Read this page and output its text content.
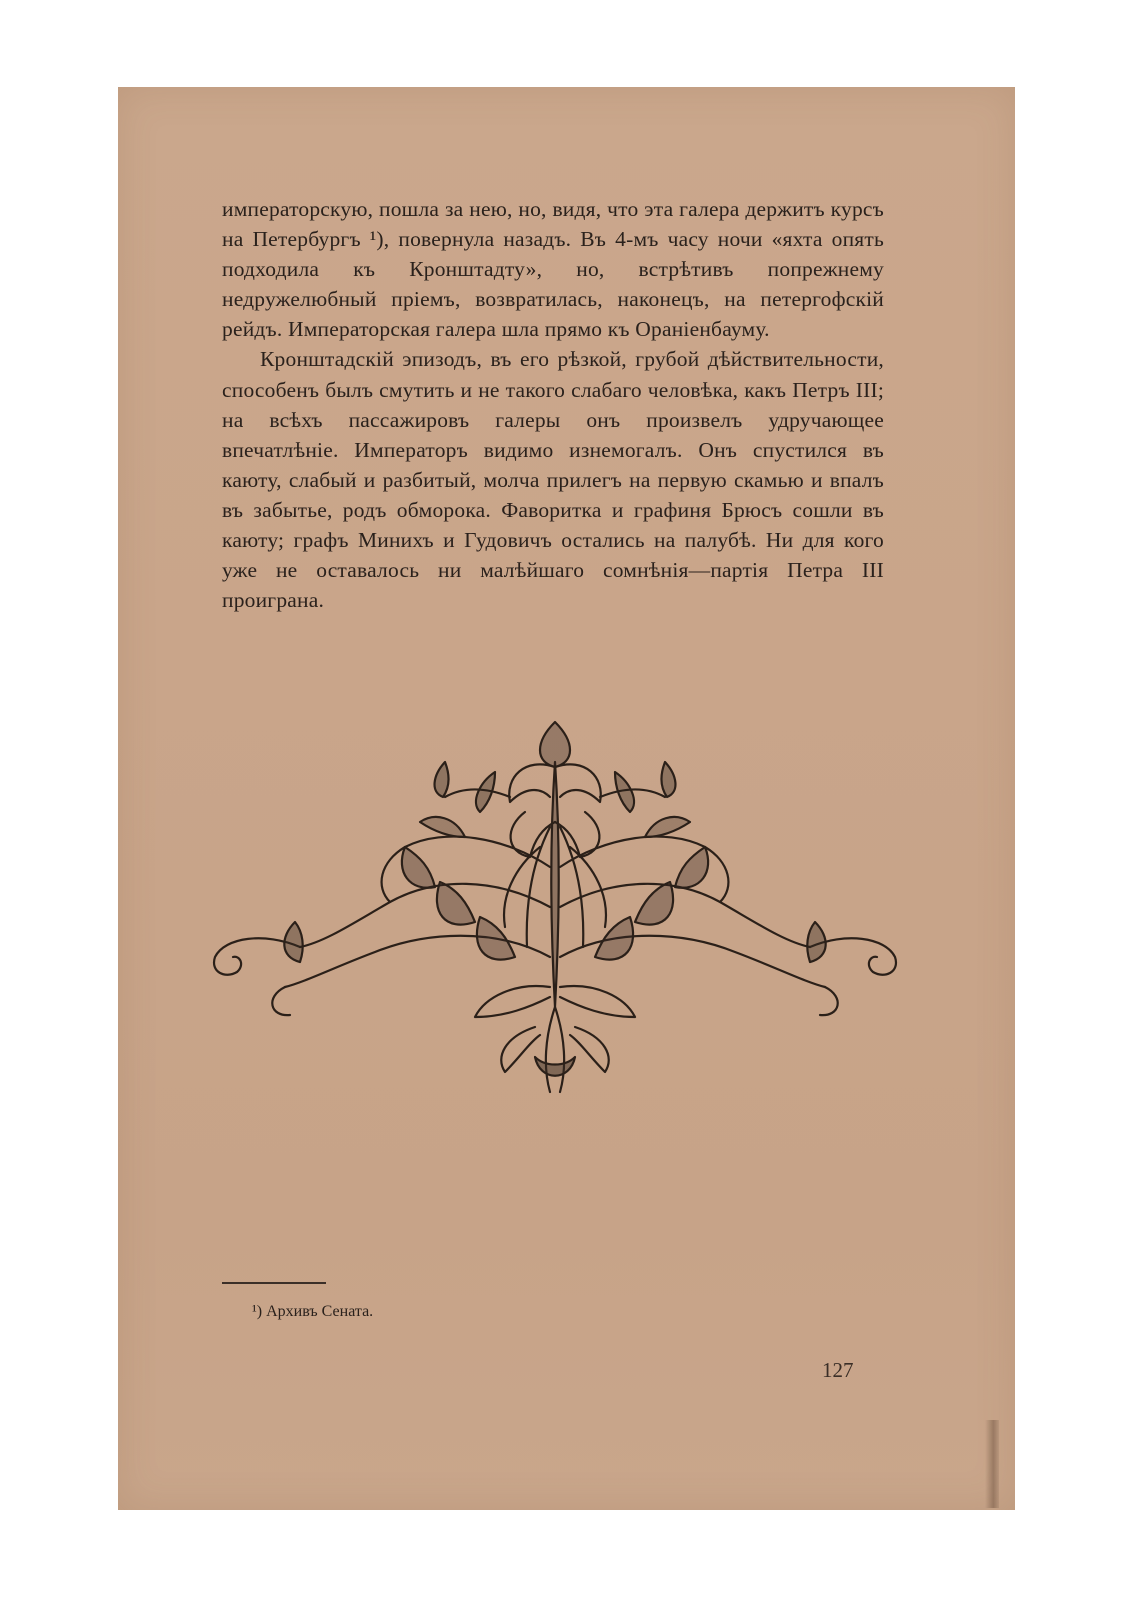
императорскую, пошла за нею, но, видя, что эта галера держитъ курсъ на Петербургъ ¹), повернула назадъ. Въ 4-мъ часу ночи «яхта опять подходила къ Кронштадту», но, встрѣтивъ попрежнему недружелюбный пріемъ, возвратилась, наконецъ, на петергофскій рейдъ. Императорская галера шла прямо къ Ораніенбауму.

Кронштадскій эпизодъ, въ его рѣзкой, грубой дѣйствительности, способенъ былъ смутить и не такого слабаго человѣка, какъ Петръ III; на всѣхъ пассажировъ галеры онъ произвелъ удручающее впечатлѣніе. Императоръ видимо изнемогалъ. Онъ спустился въ каюту, слабый и разбитый, молча прилегъ на первую скамью и впалъ въ забытье, родъ обморока. Фаворитка и графиня Брюсъ сошли въ каюту; графъ Минихъ и Гудовичъ остались на палубѣ. Ни для кого уже не оставалось ни малѣйшаго сомнѣнія—партія Петра III проиграна.

¹) Архивъ Сената.
127
